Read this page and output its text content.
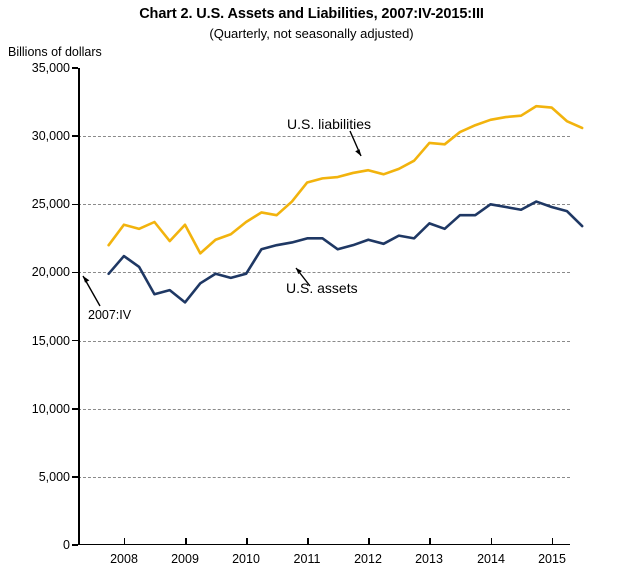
Chart 2. U.S. Assets and Liabilities, 2007:IV-2015:III
(Quarterly, not seasonally adjusted)
Billions of dollars
35,000
30,000
25,000
20,000
15,000
10,000
5,000
0
2008	2009	2010	2011	2012	2013	2014	2015
U.S. liabilities
U.S. assets
2007:IV
